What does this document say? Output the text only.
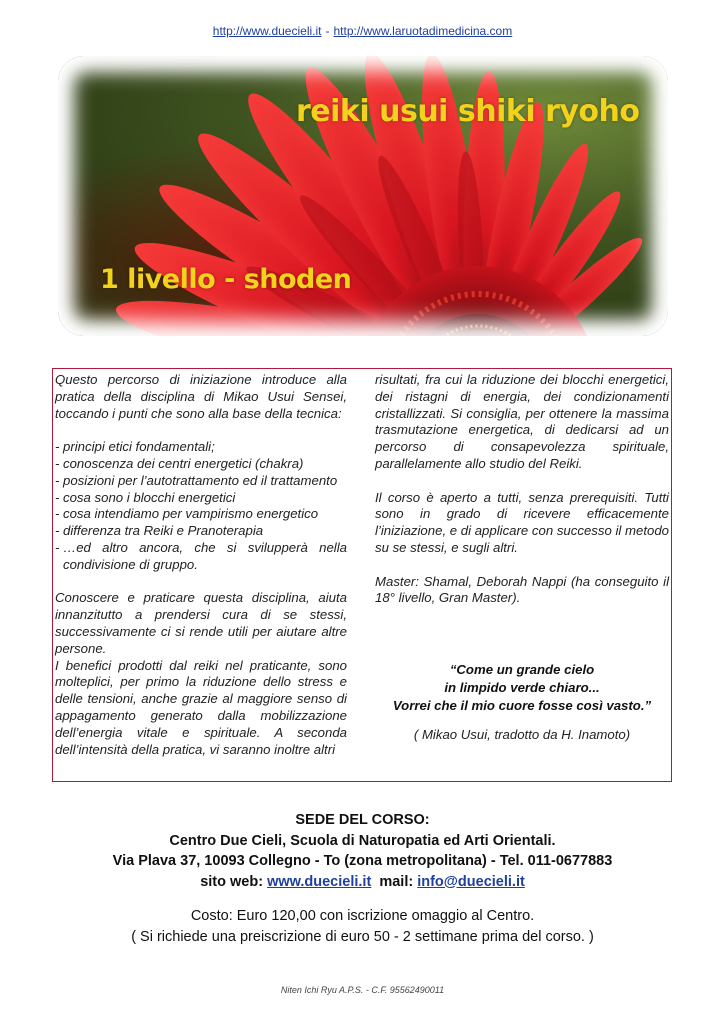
http://www.duecieli.it - http://www.laruotadimedicina.com
reiki usui shiki ryoho
1 livello - shoden

Questo percorso di iniziazione introduce alla pratica della disciplina di Mikao Usui Sensei, toccando i punti che sono alla base della tecnica:

- principi etici fondamentali;
- conoscenza dei centri energetici (chakra)
- posizioni per l’autotrattamento ed il trattamento
- cosa sono i blocchi energetici
- cosa intendiamo per vampirismo energetico
- differenza tra Reiki e Pranoterapia
- …ed altro ancora, che si svilupperà nella condivisione di gruppo.

Conoscere e praticare questa disciplina, aiuta innanzitutto a prendersi cura di se stessi, successivamente ci si rende utili per aiutare altre persone.

I benefici prodotti dal reiki nel praticante, sono molteplici, per primo la riduzione dello stress e delle tensioni, anche grazie al maggiore senso di appagamento generato dalla mobilizzazione dell’energia vitale e spirituale. A seconda dell’intensità della pratica, vi saranno inoltre altri

risultati, fra cui la riduzione dei blocchi energetici, dei ristagni di energia, dei condizionamenti cristallizzati. Si consiglia, per ottenere la massima trasmutazione energetica, di dedicarsi ad un percorso di consapevolezza spirituale, parallelamente allo studio del Reiki.

Il corso è aperto a tutti, senza prerequisiti. Tutti sono in grado di ricevere efficacemente l’iniziazione, e di applicare con successo il metodo su se stessi, e sugli altri.

Master: Shamal, Deborah Nappi (ha conseguito il 18° livello, Gran Master).

“Come un grande cielo
in limpido verde chiaro...
Vorrei che il mio cuore fosse così vasto.”
( Mikao Usui, tradotto da H. Inamoto)
SEDE DEL CORSO:
Centro Due Cieli, Scuola di Naturopatia ed Arti Orientali.
Via Plava 37, 10093 Collegno - To (zona metropolitana) - Tel. 011-0677883
sito web: www.duecieli.it mail: info@duecieli.it
Costo: Euro 120,00 con iscrizione omaggio al Centro.
( Si richiede una preiscrizione di euro 50 - 2 settimane prima del corso. )
Niten Ichi Ryu A.P.S. - C.F. 95562490011
